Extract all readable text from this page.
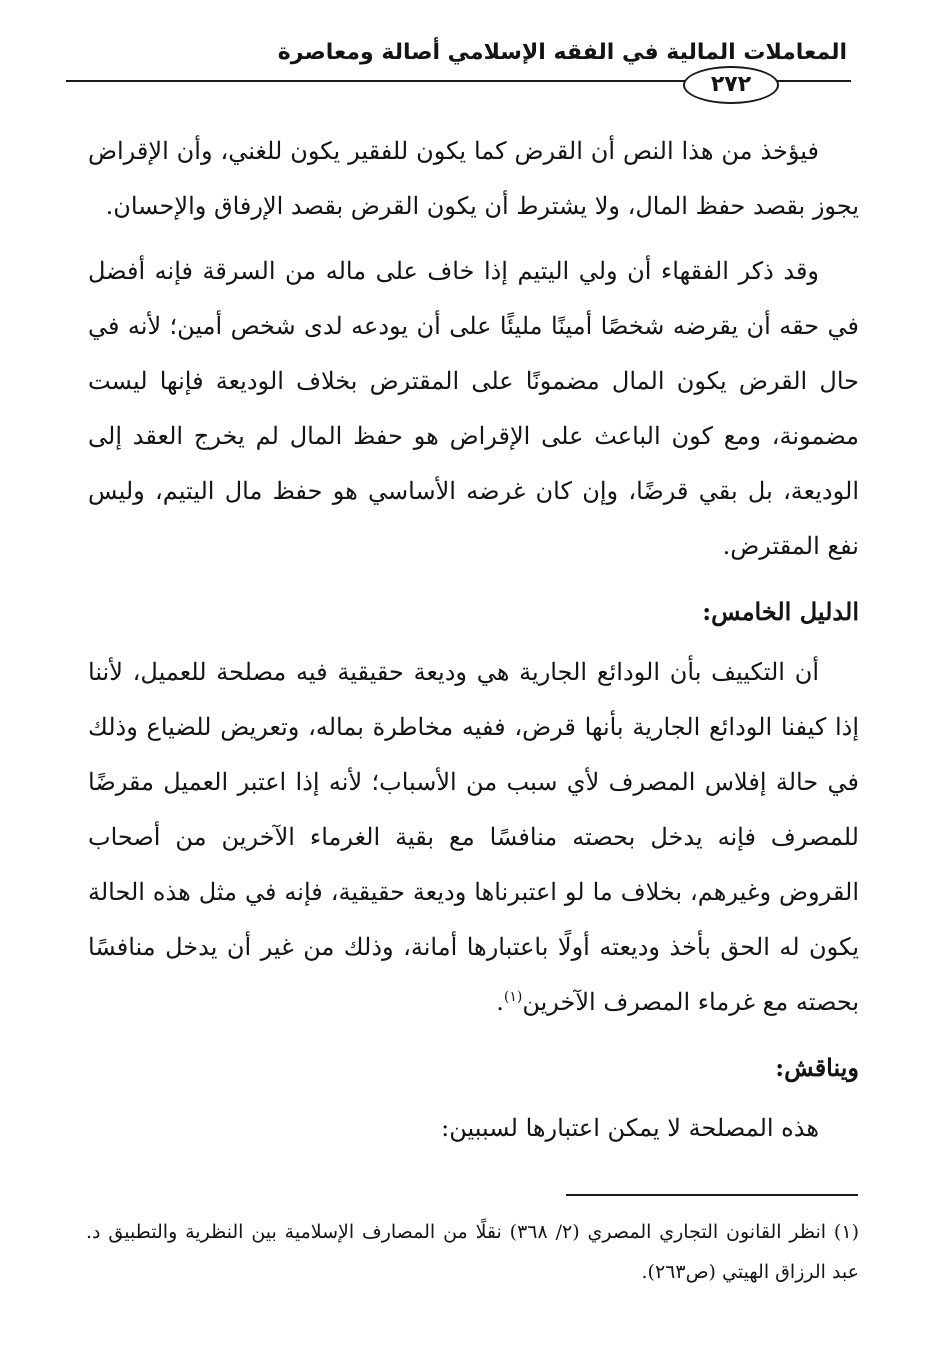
المعاملات المالية في الفقه الإسلامي أصالة ومعاصرة
٢٧٢

فيؤخذ من هذا النص أن القرض كما يكون للفقير يكون للغني، وأن الإقراض يجوز بقصد حفظ المال، ولا يشترط أن يكون القرض بقصد الإرفاق والإحسان.

وقد ذكر الفقهاء أن ولي اليتيم إذا خاف على ماله من السرقة فإنه أفضل في حقه أن يقرضه شخصًا أمينًا مليئًا على أن يودعه لدى شخص أمين؛ لأنه في حال القرض يكون المال مضمونًا على المقترض بخلاف الوديعة فإنها ليست مضمونة، ومع كون الباعث على الإقراض هو حفظ المال لم يخرج العقد إلى الوديعة، بل بقي قرضًا، وإن كان غرضه الأساسي هو حفظ مال اليتيم، وليس نفع المقترض.

الدليل الخامس:

أن التكييف بأن الودائع الجارية هي وديعة حقيقية فيه مصلحة للعميل، لأننا إذا كيفنا الودائع الجارية بأنها قرض، ففيه مخاطرة بماله، وتعريض للضياع وذلك في حالة إفلاس المصرف لأي سبب من الأسباب؛ لأنه إذا اعتبر العميل مقرضًا للمصرف فإنه يدخل بحصته منافسًا مع بقية الغرماء الآخرين من أصحاب القروض وغيرهم، بخلاف ما لو اعتبرناها وديعة حقيقية، فإنه في مثل هذه الحالة يكون له الحق بأخذ وديعته أولًا باعتبارها أمانة، وذلك من غير أن يدخل منافسًا بحصته مع غرماء المصرف الآخرين$^{(١)}$.

ويناقش:

هذه المصلحة لا يمكن اعتبارها لسببين:

(١) انظر القانون التجاري المصري (٢/ ٣٦٨) نقلًا من المصارف الإسلامية بين النظرية والتطبيق د. عبد الرزاق الهيتي (ص٢٦٣).
